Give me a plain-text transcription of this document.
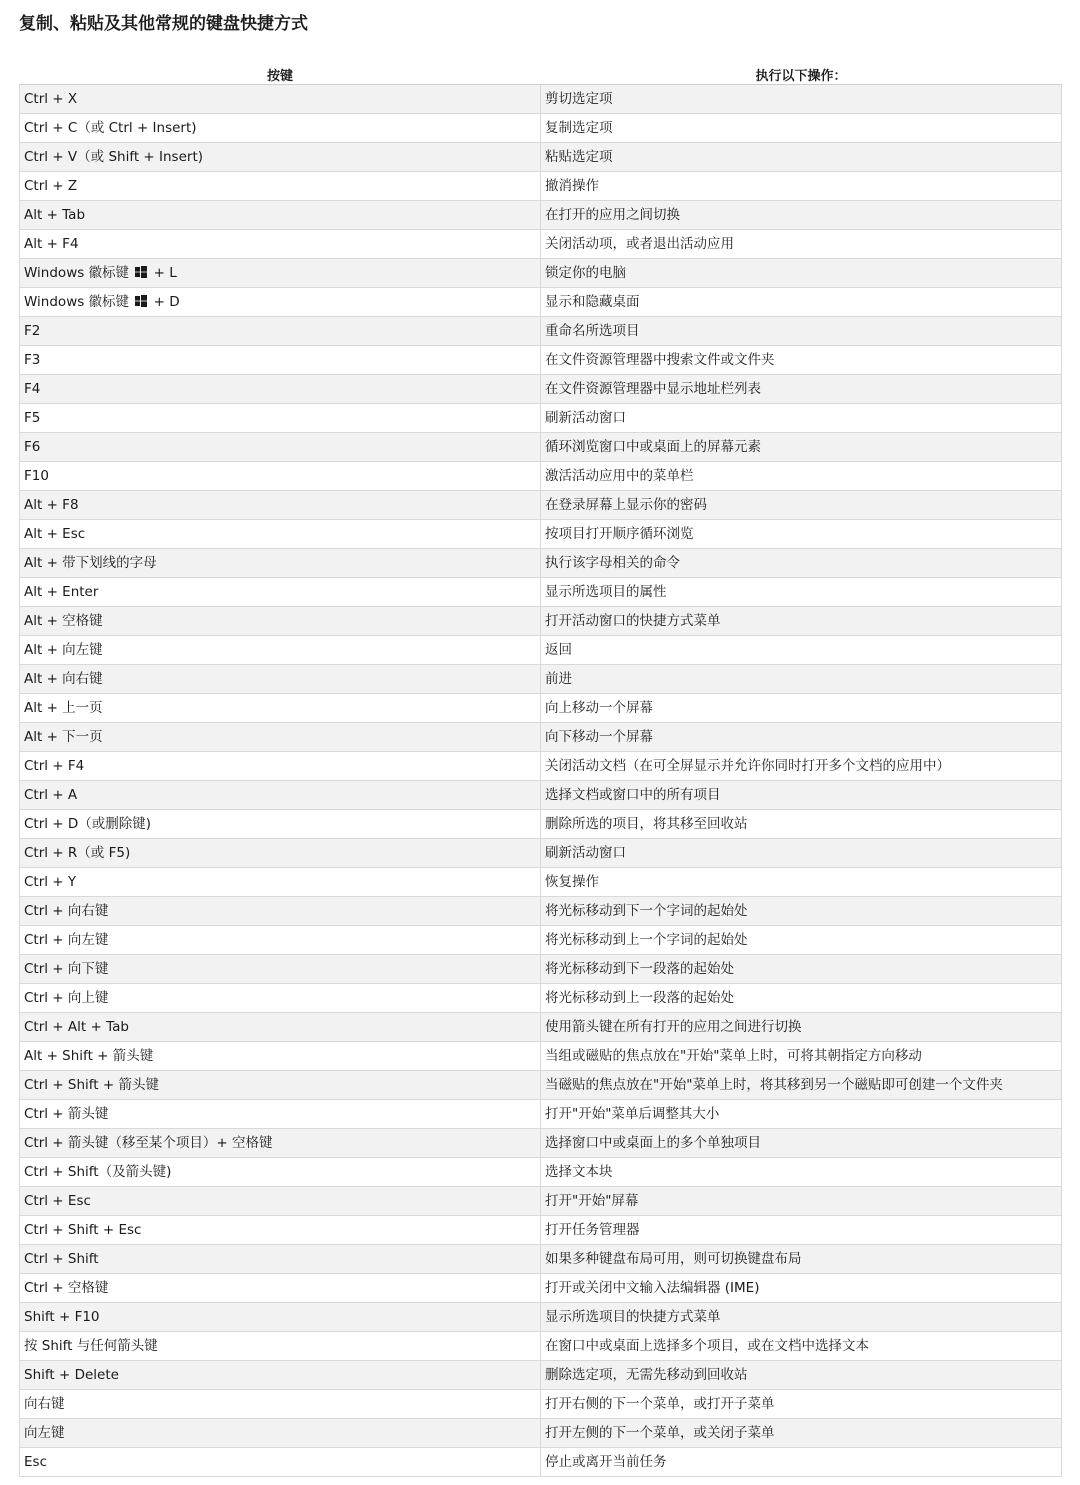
复制、粘贴及其他常规的键盘快捷方式
按键	执行以下操作：
Ctrl + X	剪切选定项
Ctrl + C（或 Ctrl + Insert)	复制选定项
Ctrl + V（或 Shift + Insert)	粘贴选定项
Ctrl + Z	撤消操作
Alt + Tab	在打开的应用之间切换
Alt + F4	关闭活动项，或者退出活动应用
Windows 徽标键 + L	锁定你的电脑
Windows 徽标键 + D	显示和隐藏桌面
F2	重命名所选项目
F3	在文件资源管理器中搜索文件或文件夹
F4	在文件资源管理器中显示地址栏列表
F5	刷新活动窗口
F6	循环浏览窗口中或桌面上的屏幕元素
F10	激活活动应用中的菜单栏
Alt + F8	在登录屏幕上显示你的密码
Alt + Esc	按项目打开顺序循环浏览
Alt + 带下划线的字母	执行该字母相关的命令
Alt + Enter	显示所选项目的属性
Alt + 空格键	打开活动窗口的快捷方式菜单
Alt + 向左键	返回
Alt + 向右键	前进
Alt + 上一页	向上移动一个屏幕
Alt + 下一页	向下移动一个屏幕
Ctrl + F4	关闭活动文档（在可全屏显示并允许你同时打开多个文档的应用中）
Ctrl + A	选择文档或窗口中的所有项目
Ctrl + D（或删除键)	删除所选的项目，将其移至回收站
Ctrl + R（或 F5)	刷新活动窗口
Ctrl + Y	恢复操作
Ctrl + 向右键	将光标移动到下一个字词的起始处
Ctrl + 向左键	将光标移动到上一个字词的起始处
Ctrl + 向下键	将光标移动到下一段落的起始处
Ctrl + 向上键	将光标移动到上一段落的起始处
Ctrl + Alt + Tab	使用箭头键在所有打开的应用之间进行切换
Alt + Shift + 箭头键	当组或磁贴的焦点放在"开始"菜单上时，可将其朝指定方向移动
Ctrl + Shift + 箭头键	当磁贴的焦点放在"开始"菜单上时，将其移到另一个磁贴即可创建一个文件夹
Ctrl + 箭头键	打开"开始"菜单后调整其大小
Ctrl + 箭头键（移至某个项目）+ 空格键	选择窗口中或桌面上的多个单独项目
Ctrl + Shift（及箭头键)	选择文本块
Ctrl + Esc	打开"开始"屏幕
Ctrl + Shift + Esc	打开任务管理器
Ctrl + Shift	如果多种键盘布局可用，则可切换键盘布局
Ctrl + 空格键	打开或关闭中文输入法编辑器 (IME)
Shift + F10	显示所选项目的快捷方式菜单
按 Shift 与任何箭头键	在窗口中或桌面上选择多个项目，或在文档中选择文本
Shift + Delete	删除选定项，无需先移动到回收站
向右键	打开右侧的下一个菜单，或打开子菜单
向左键	打开左侧的下一个菜单，或关闭子菜单
Esc	停止或离开当前任务
